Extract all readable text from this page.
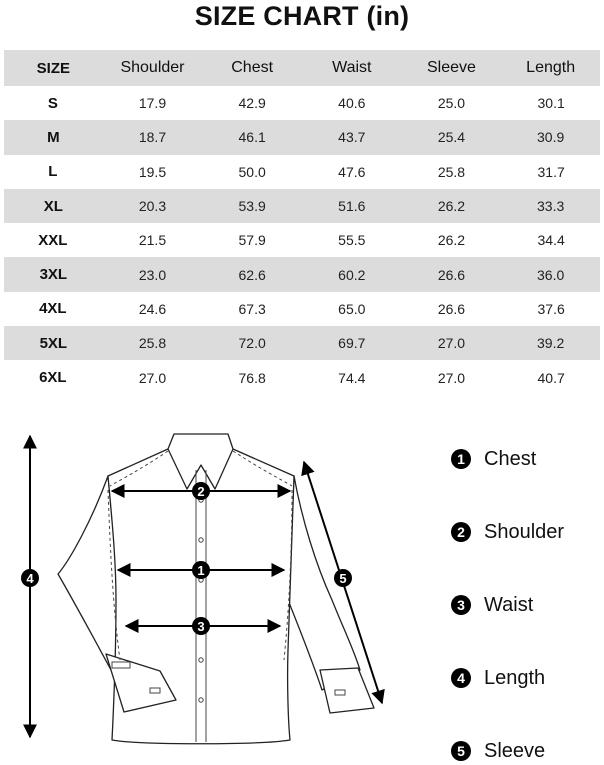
SIZE CHART (in)
SIZE	Shoulder	Chest	Waist	Sleeve	Length
S	17.9	42.9	40.6	25.0	30.1
M	18.7	46.1	43.7	25.4	30.9
L	19.5	50.0	47.6	25.8	31.7
XL	20.3	53.9	51.6	26.2	33.3
XXL	21.5	57.9	55.5	26.2	34.4
3XL	23.0	62.6	60.2	26.6	36.0
4XL	24.6	67.3	65.0	26.6	37.6
5XL	25.8	72.0	69.7	27.0	39.2
6XL	27.0	76.8	74.4	27.0	40.7
2
1
3
4	5
1 Chest
2 Shoulder
3 Waist
4 Length
5 Sleeve
